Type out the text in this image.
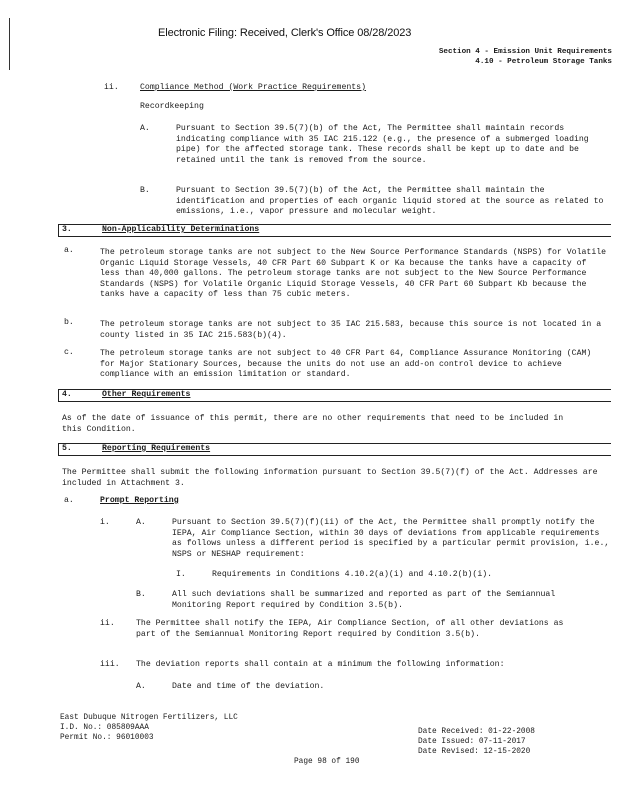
Electronic Filing: Received, Clerk's Office 08/28/2023
Section 4 - Emission Unit Requirements
4.10 - Petroleum Storage Tanks
ii.	Compliance Method (Work Practice Requirements)
Recordkeeping
A.	Pursuant to Section 39.5(7)(b) of the Act, The Permittee shall maintain records indicating compliance with 35 IAC 215.122 (e.g., the presence of a submerged loading pipe) for the affected storage tank. These records shall be kept up to date and be retained until the tank is removed from the source.
B.	Pursuant to Section 39.5(7)(b) of the Act, the Permittee shall maintain the identification and properties of each organic liquid stored at the source as related to emissions, i.e., vapor pressure and molecular weight.
3.	Non-Applicability Determinations
a.	The petroleum storage tanks are not subject to the New Source Performance Standards (NSPS) for Volatile Organic Liquid Storage Vessels, 40 CFR Part 60 Subpart K or Ka because the tanks have a capacity of less than 40,000 gallons. The petroleum storage tanks are not subject to the New Source Performance Standards (NSPS) for Volatile Organic Liquid Storage Vessels, 40 CFR Part 60 Subpart Kb because the tanks have a capacity of less than 75 cubic meters.
b.	The petroleum storage tanks are not subject to 35 IAC 215.583, because this source is not located in a county listed in 35 IAC 215.583(b)(4).
c.	The petroleum storage tanks are not subject to 40 CFR Part 64, Compliance Assurance Monitoring (CAM) for Major Stationary Sources, because the units do not use an add-on control device to achieve compliance with an emission limitation or standard.
4.	Other Requirements
As of the date of issuance of this permit, there are no other requirements that need to be included in this Condition.
5.	Reporting Requirements
The Permittee shall submit the following information pursuant to Section 39.5(7)(f) of the Act. Addresses are included in Attachment 3.
a.	Prompt Reporting
i.	A.	Pursuant to Section 39.5(7)(f)(ii) of the Act, the Permittee shall promptly notify the IEPA, Air Compliance Section, within 30 days of deviations from applicable requirements as follows unless a different period is specified by a particular permit provision, i.e., NSPS or NESHAP requirement:
I.	Requirements in Conditions 4.10.2(a)(i) and 4.10.2(b)(i).
B.	All such deviations shall be summarized and reported as part of the Semiannual Monitoring Report required by Condition 3.5(b).
ii.	The Permittee shall notify the IEPA, Air Compliance Section, of all other deviations as part of the Semiannual Monitoring Report required by Condition 3.5(b).
iii. The deviation reports shall contain at a minimum the following information:
A.	Date and time of the deviation.
East Dubuque Nitrogen Fertilizers, LLC
I.D. No.: 085809AAA
Permit No.: 96010003
Date Received: 01-22-2008
Date Issued: 07-11-2017
Date Revised: 12-15-2020
Page 98 of 190
